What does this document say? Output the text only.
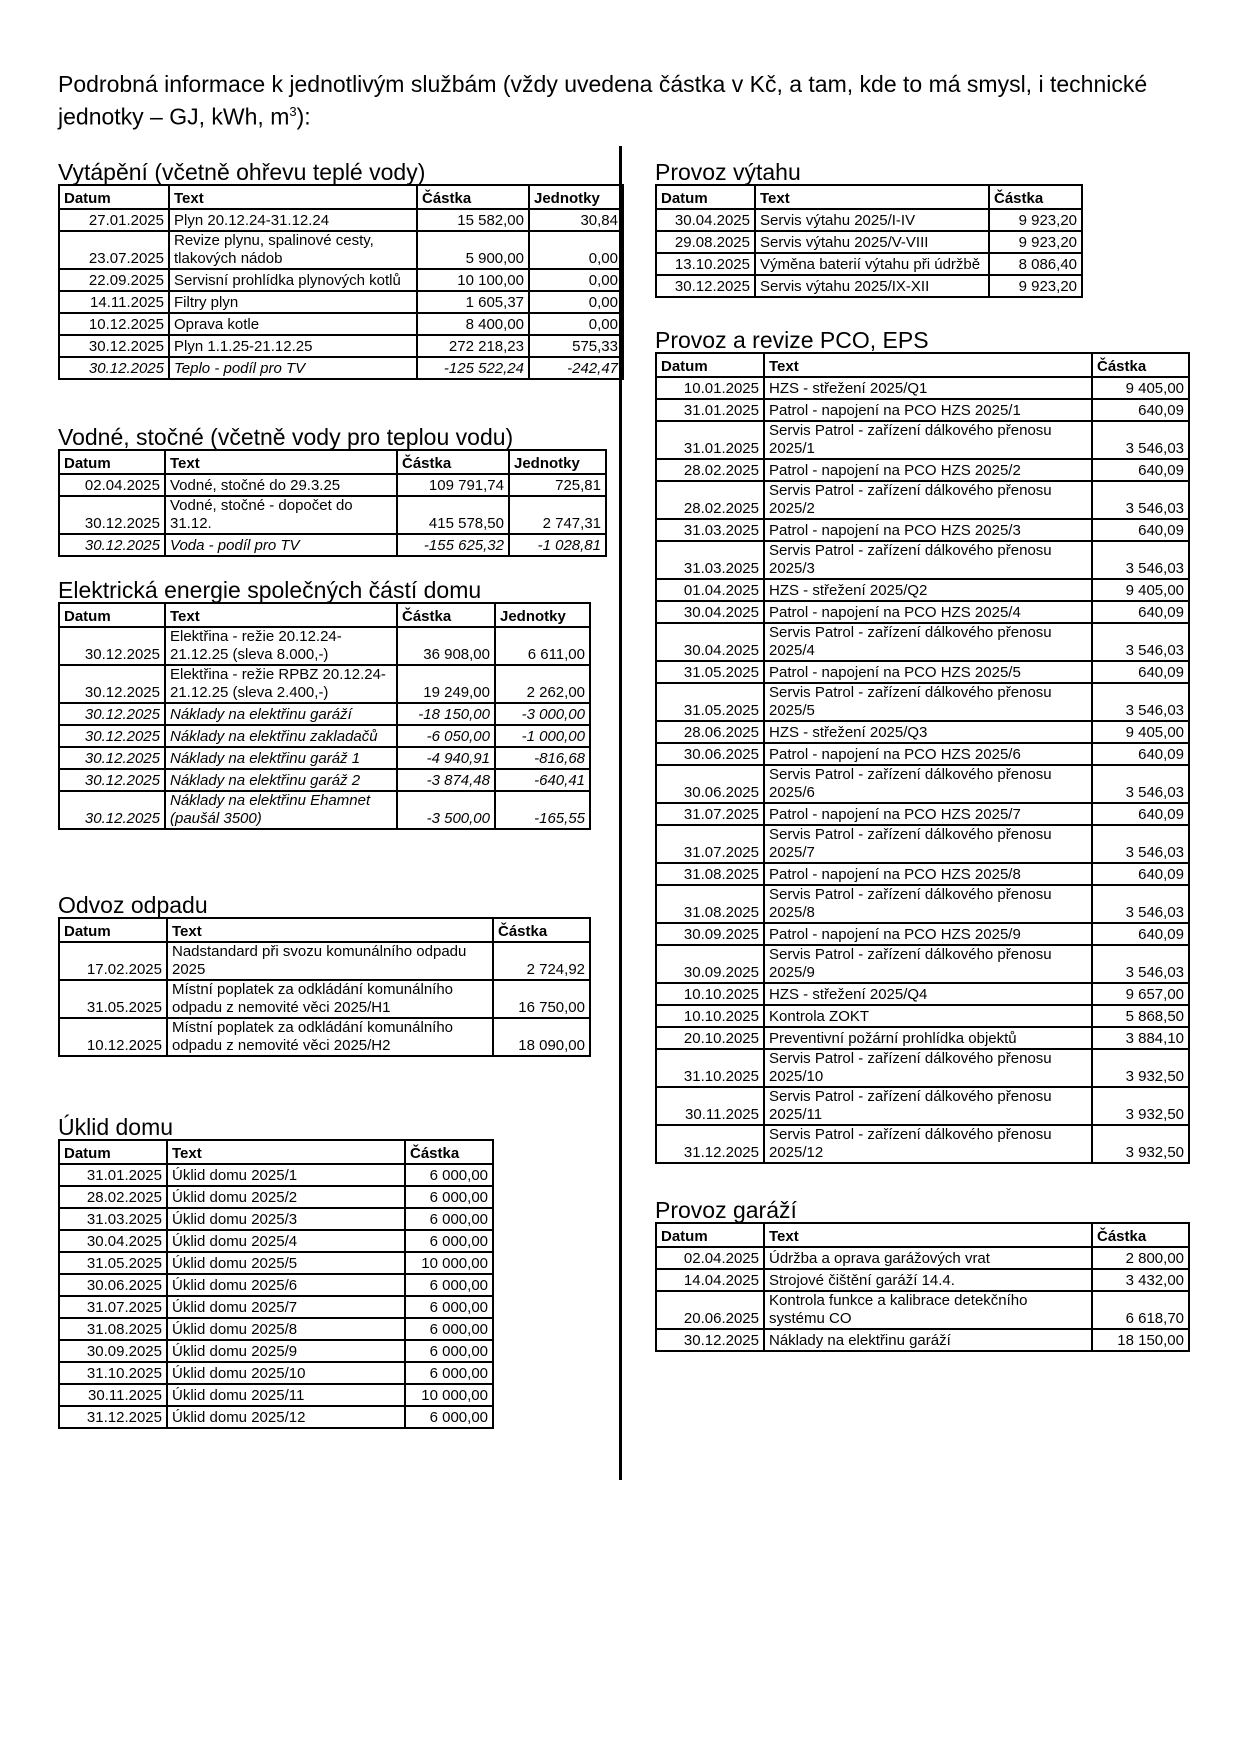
Podrobná informace k jednotlivým službám (vždy uvedena částka v Kč, a tam, kde to má smysl, i technické jednotky – GJ, kWh, $m^3$):
Vytápění (včetně ohřevu teplé vody)
Datum	Text	Částka	Jednotky
27.01.2025	Plyn 20.12.24-31.12.24	15 582,00	30,84
23.07.2025	Revize plynu, spalinové cesty, tlakových nádob	5 900,00	0,00
22.09.2025	Servisní prohlídka plynových kotlů	10 100,00	0,00
14.11.2025	Filtry plyn	1 605,37	0,00
10.12.2025	Oprava kotle	8 400,00	0,00
30.12.2025	Plyn 1.1.25-21.12.25	272 218,23	575,33
30.12.2025	Teplo - podíl pro TV	-125 522,24	-242,47
Vodné, stočné (včetně vody pro teplou vodu)
Datum	Text	Částka	Jednotky
02.04.2025	Vodné, stočné do 29.3.25	109 791,74	725,81
30.12.2025	Vodné, stočné - dopočet do 31.12.	415 578,50	2 747,31
30.12.2025	Voda - podíl pro TV	-155 625,32	-1 028,81
Elektrická energie společných částí domu
Datum	Text	Částka	Jednotky
30.12.2025	Elektřina - režie 20.12.24-21.12.25 (sleva 8.000,-)	36 908,00	6 611,00
30.12.2025	Elektřina - režie RPBZ 20.12.24-21.12.25 (sleva 2.400,-)	19 249,00	2 262,00
30.12.2025	Náklady na elektřinu garáží	-18 150,00	-3 000,00
30.12.2025	Náklady na elektřinu zakladačů	-6 050,00	-1 000,00
30.12.2025	Náklady na elektřinu garáž 1	-4 940,91	-816,68
30.12.2025	Náklady na elektřinu garáž 2	-3 874,48	-640,41
30.12.2025	Náklady na elektřinu Ehamnet (paušál 3500)	-3 500,00	-165,55
Odvoz odpadu
Datum	Text	Částka
17.02.2025	Nadstandard při svozu komunálního odpadu 2025	2 724,92
31.05.2025	Místní poplatek za odkládání komunálního odpadu z nemovité věci 2025/H1	16 750,00
10.12.2025	Místní poplatek za odkládání komunálního odpadu z nemovité věci 2025/H2	18 090,00
Úklid domu
Datum	Text	Částka
31.01.2025	Úklid domu 2025/1	6 000,00
28.02.2025	Úklid domu 2025/2	6 000,00
31.03.2025	Úklid domu 2025/3	6 000,00
30.04.2025	Úklid domu 2025/4	6 000,00
31.05.2025	Úklid domu 2025/5	10 000,00
30.06.2025	Úklid domu 2025/6	6 000,00
31.07.2025	Úklid domu 2025/7	6 000,00
31.08.2025	Úklid domu 2025/8	6 000,00
30.09.2025	Úklid domu 2025/9	6 000,00
31.10.2025	Úklid domu 2025/10	6 000,00
30.11.2025	Úklid domu 2025/11	10 000,00
31.12.2025	Úklid domu 2025/12	6 000,00
Provoz výtahu
Datum	Text	Částka
30.04.2025	Servis výtahu 2025/I-IV	9 923,20
29.08.2025	Servis výtahu 2025/V-VIII	9 923,20
13.10.2025	Výměna baterií výtahu při údržbě	8 086,40
30.12.2025	Servis výtahu 2025/IX-XII	9 923,20
Provoz a revize PCO, EPS
Datum	Text	Částka
10.01.2025	HZS - střežení 2025/Q1	9 405,00
31.01.2025	Patrol - napojení na PCO HZS 2025/1	640,09
31.01.2025	Servis Patrol - zařízení dálkového přenosu 2025/1	3 546,03
28.02.2025	Patrol - napojení na PCO HZS 2025/2	640,09
28.02.2025	Servis Patrol - zařízení dálkového přenosu 2025/2	3 546,03
31.03.2025	Patrol - napojení na PCO HZS 2025/3	640,09
31.03.2025	Servis Patrol - zařízení dálkového přenosu 2025/3	3 546,03
01.04.2025	HZS - střežení 2025/Q2	9 405,00
30.04.2025	Patrol - napojení na PCO HZS 2025/4	640,09
30.04.2025	Servis Patrol - zařízení dálkového přenosu 2025/4	3 546,03
31.05.2025	Patrol - napojení na PCO HZS 2025/5	640,09
31.05.2025	Servis Patrol - zařízení dálkového přenosu 2025/5	3 546,03
28.06.2025	HZS - střežení 2025/Q3	9 405,00
30.06.2025	Patrol - napojení na PCO HZS 2025/6	640,09
30.06.2025	Servis Patrol - zařízení dálkového přenosu 2025/6	3 546,03
31.07.2025	Patrol - napojení na PCO HZS 2025/7	640,09
31.07.2025	Servis Patrol - zařízení dálkového přenosu 2025/7	3 546,03
31.08.2025	Patrol - napojení na PCO HZS 2025/8	640,09
31.08.2025	Servis Patrol - zařízení dálkového přenosu 2025/8	3 546,03
30.09.2025	Patrol - napojení na PCO HZS 2025/9	640,09
30.09.2025	Servis Patrol - zařízení dálkového přenosu 2025/9	3 546,03
10.10.2025	HZS - střežení 2025/Q4	9 657,00
10.10.2025	Kontrola ZOKT	5 868,50
20.10.2025	Preventivní požární prohlídka objektů	3 884,10
31.10.2025	Servis Patrol - zařízení dálkového přenosu 2025/10	3 932,50
30.11.2025	Servis Patrol - zařízení dálkového přenosu 2025/11	3 932,50
31.12.2025	Servis Patrol - zařízení dálkového přenosu 2025/12	3 932,50
Provoz garáží
Datum	Text	Částka
02.04.2025	Údržba a oprava garážových vrat	2 800,00
14.04.2025	Strojové čištění garáží 14.4.	3 432,00
20.06.2025	Kontrola funkce a kalibrace detekčního systému CO	6 618,70
30.12.2025	Náklady na elektřinu garáží	18 150,00
